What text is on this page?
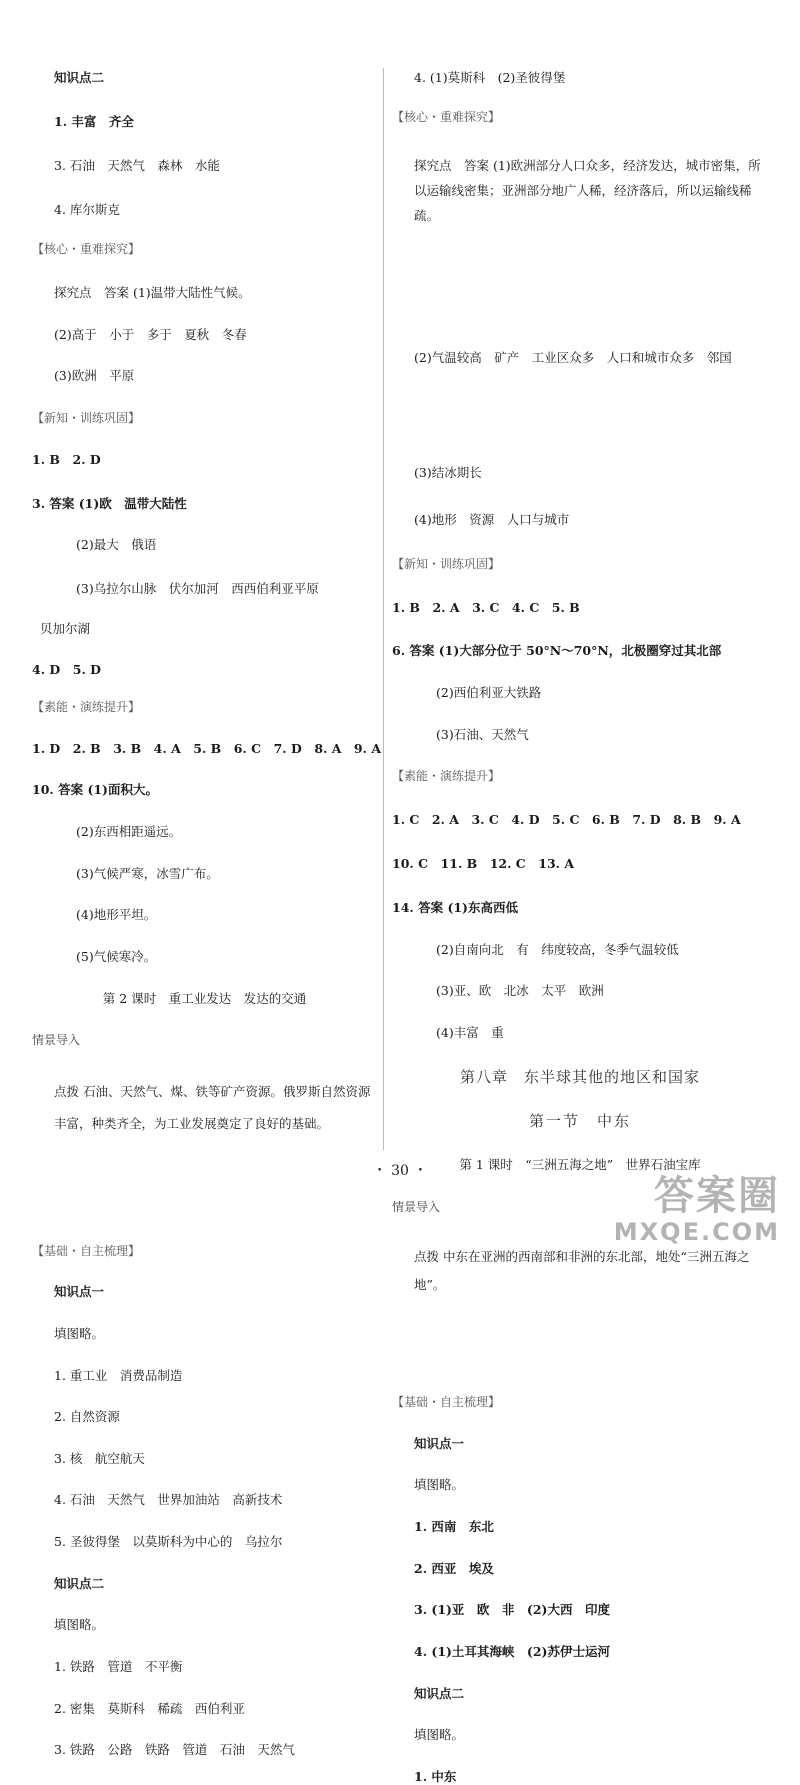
知识点二
1. 丰富　齐全
3. 石油　天然气　森林　水能
4. 库尔斯克
【核心・重难探究】
探究点　答案 (1)温带大陆性气候。
(2)高于　小于　多于　夏秋　冬春
(3)欧洲　平原
【新知・训练巩固】
1. B　2. D
3. 答案 (1)欧　温带大陆性
(2)最大　俄语
(3)乌拉尔山脉　伏尔加河　西西伯利亚平原
贝加尔湖
4. D　5. D
【素能・演练提升】
1. D　2. B　3. B　4. A　5. B　6. C　7. D　8. A　9. A
10. 答案 (1)面积大。
(2)东西相距遥远。
(3)气候严寒，冰雪广布。
(4)地形平坦。
(5)气候寒冷。
第 2 课时　重工业发达　发达的交通
情景导入
点拨 石油、天然气、煤、铁等矿产资源。俄罗斯自然资源丰富，种类齐全，为工业发展奠定了良好的基础。
【基础・自主梳理】
知识点一
填图略。
1. 重工业　消费品制造
2. 自然资源
3. 核　航空航天
4. 石油　天然气　世界加油站　高新技术
5. 圣彼得堡　以莫斯科为中心的　乌拉尔
知识点二
填图略。
1. 铁路　管道　不平衡
2. 密集　莫斯科　稀疏　西伯利亚
3. 铁路　公路　铁路　管道　石油　天然气
4. (1)莫斯科　(2)圣彼得堡
【核心・重难探究】
探究点　答案 (1)欧洲部分人口众多，经济发达，城市密集，所以运输线密集；亚洲部分地广人稀，经济落后，所以运输线稀疏。
(2)气温较高　矿产　工业区众多　人口和城市众多　邻国
(3)结冰期长
(4)地形　资源　人口与城市
【新知・训练巩固】
1. B　2. A　3. C　4. C　5. B
6. 答案 (1)大部分位于 50°N～70°N，北极圈穿过其北部
(2)西伯利亚大铁路
(3)石油、天然气
【素能・演练提升】
1. C　2. A　3. C　4. D　5. C　6. B　7. D　8. B　9. A
10. C　11. B　12. C　13. A
14. 答案 (1)东高西低
(2)自南向北　有　纬度较高，冬季气温较低
(3)亚、欧　北冰　太平　欧洲
(4)丰富　重
第八章　东半球其他的地区和国家
第一节　中东
第 1 课时　“三洲五海之地”　世界石油宝库
情景导入
点拨 中东在亚洲的西南部和非洲的东北部，地处“三洲五海之地”。
【基础・自主梳理】
知识点一
填图略。
1. 西南　东北
2. 西亚　埃及
3. (1)亚　欧　非　(2)大西　印度
4. (1)土耳其海峡　(2)苏伊士运河
知识点二
填图略。
1. 中东
・ 30 ・
答案圈
MXQE.COM
